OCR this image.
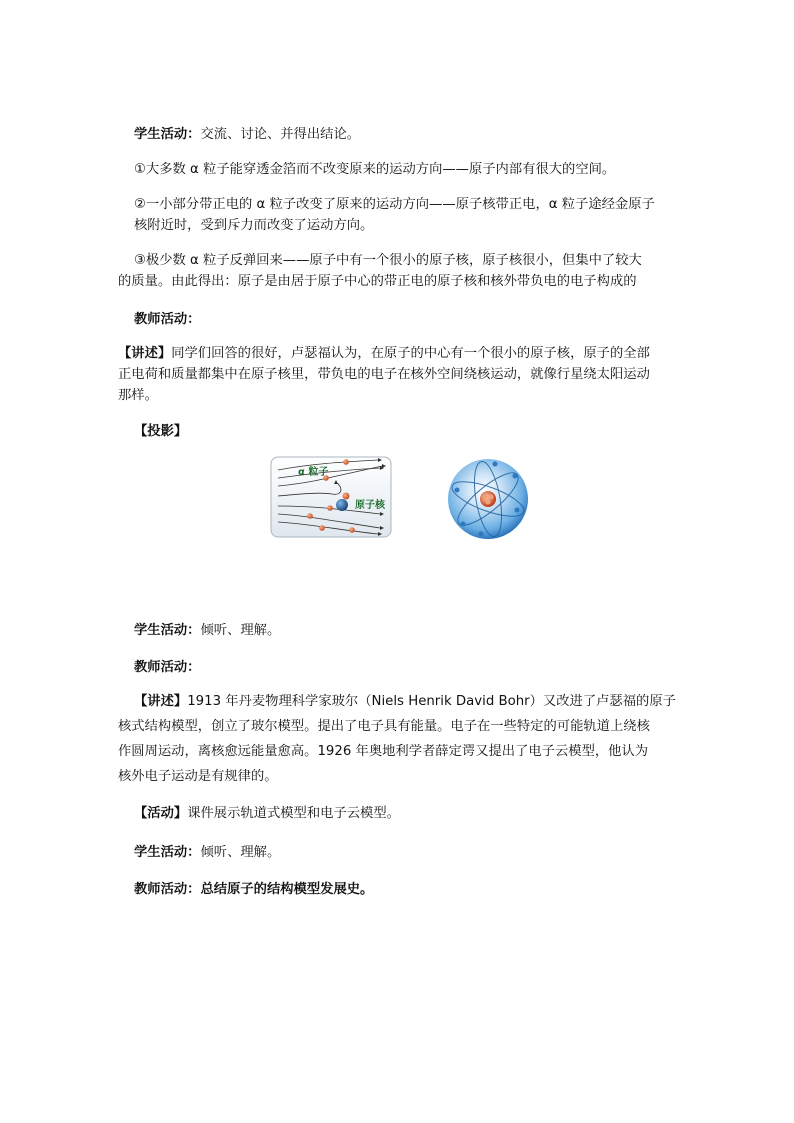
学生活动：交流、讨论、并得出结论。
①大多数 α 粒子能穿透金箔而不改变原来的运动方向——原子内部有很大的空间。
②一小部分带正电的 α 粒子改变了原来的运动方向——原子核带正电，α 粒子途经金原子
核附近时，受到斥力而改变了运动方向。
③极少数 α 粒子反弹回来——原子中有一个很小的原子核，原子核很小，但集中了较大
的质量。由此得出：原子是由居于原子中心的带正电的原子核和核外带负电的电子构成的
教师活动：
【讲述】同学们回答的很好，卢瑟福认为，在原子的中心有一个很小的原子核，原子的全部
正电荷和质量都集中在原子核里，带负电的电子在核外空间绕核运动，就像行星绕太阳运动
那样。
【投影】
α 粒子
原子核
学生活动：倾听、理解。
教师活动：
【讲述】1913 年丹麦物理科学家玻尔（Niels Henrik David Bohr）又改进了卢瑟福的原子
核式结构模型，创立了玻尔模型。提出了电子具有能量。电子在一些特定的可能轨道上绕核
作圆周运动，离核愈远能量愈高。1926 年奥地利学者薛定谔又提出了电子云模型，他认为
核外电子运动是有规律的。
【活动】课件展示轨道式模型和电子云模型。
学生活动：倾听、理解。
教师活动：总结原子的结构模型发展史。
